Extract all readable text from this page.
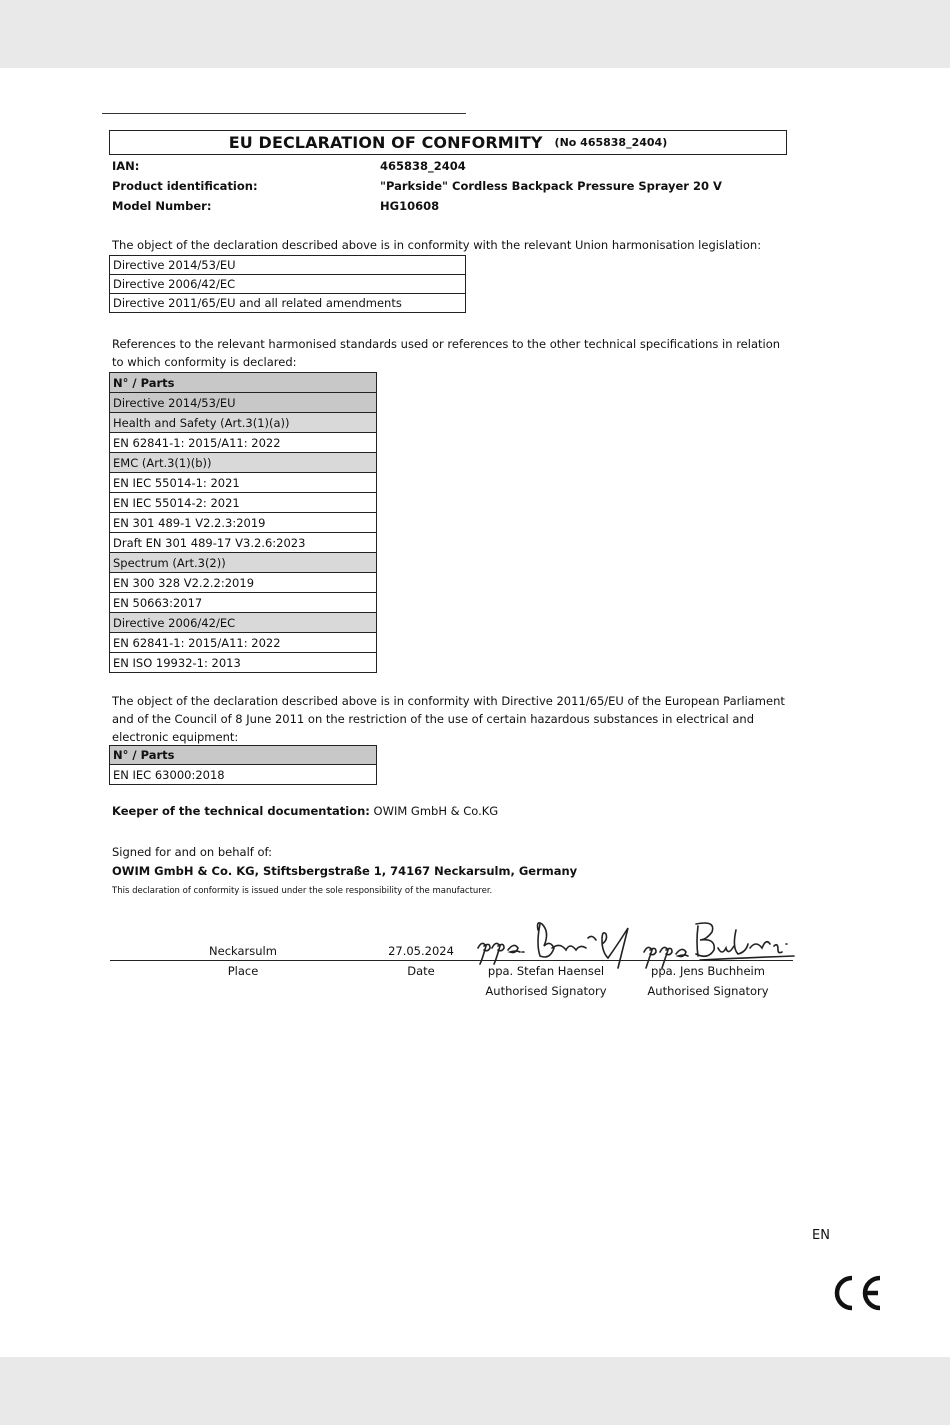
EU DECLARATION OF CONFORMITY (No 465838_2404)
IAN:	465838_2404
Product identification:	"Parkside" Cordless Backpack Pressure Sprayer 20 V
Model Number:	HG10608
The object of the declaration described above is in conformity with the relevant Union harmonisation legislation:
Directive 2014/53/EU
Directive 2006/42/EC
Directive 2011/65/EU and all related amendments
References to the relevant harmonised standards used or references to the other technical specifications in relation to which conformity is declared:
N° / Parts
Directive 2014/53/EU
Health and Safety (Art.3(1)(a))
EN 62841-1: 2015/A11: 2022
EMC (Art.3(1)(b))
EN IEC 55014-1: 2021
EN IEC 55014-2: 2021
EN 301 489-1 V2.2.3:2019
Draft EN 301 489-17 V3.2.6:2023
Spectrum (Art.3(2))
EN 300 328 V2.2.2:2019
EN 50663:2017
Directive 2006/42/EC
EN 62841-1: 2015/A11: 2022
EN ISO 19932-1: 2013
The object of the declaration described above is in conformity with Directive 2011/65/EU of the European Parliament and of the Council of 8 June 2011 on the restriction of the use of certain hazardous substances in electrical and electronic equipment:
N° / Parts
EN IEC 63000:2018
Keeper of the technical documentation: OWIM GmbH & Co.KG
Signed for and on behalf of:
OWIM GmbH & Co. KG, Stiftsbergstraße 1, 74167 Neckarsulm, Germany
This declaration of conformity is issued under the sole responsibility of the manufacturer.
Neckarsulm	27.05.2024
Place	Date	ppa. Stefan Haensel	ppa. Jens Buchheim
Authorised Signatory	Authorised Signatory
EN
